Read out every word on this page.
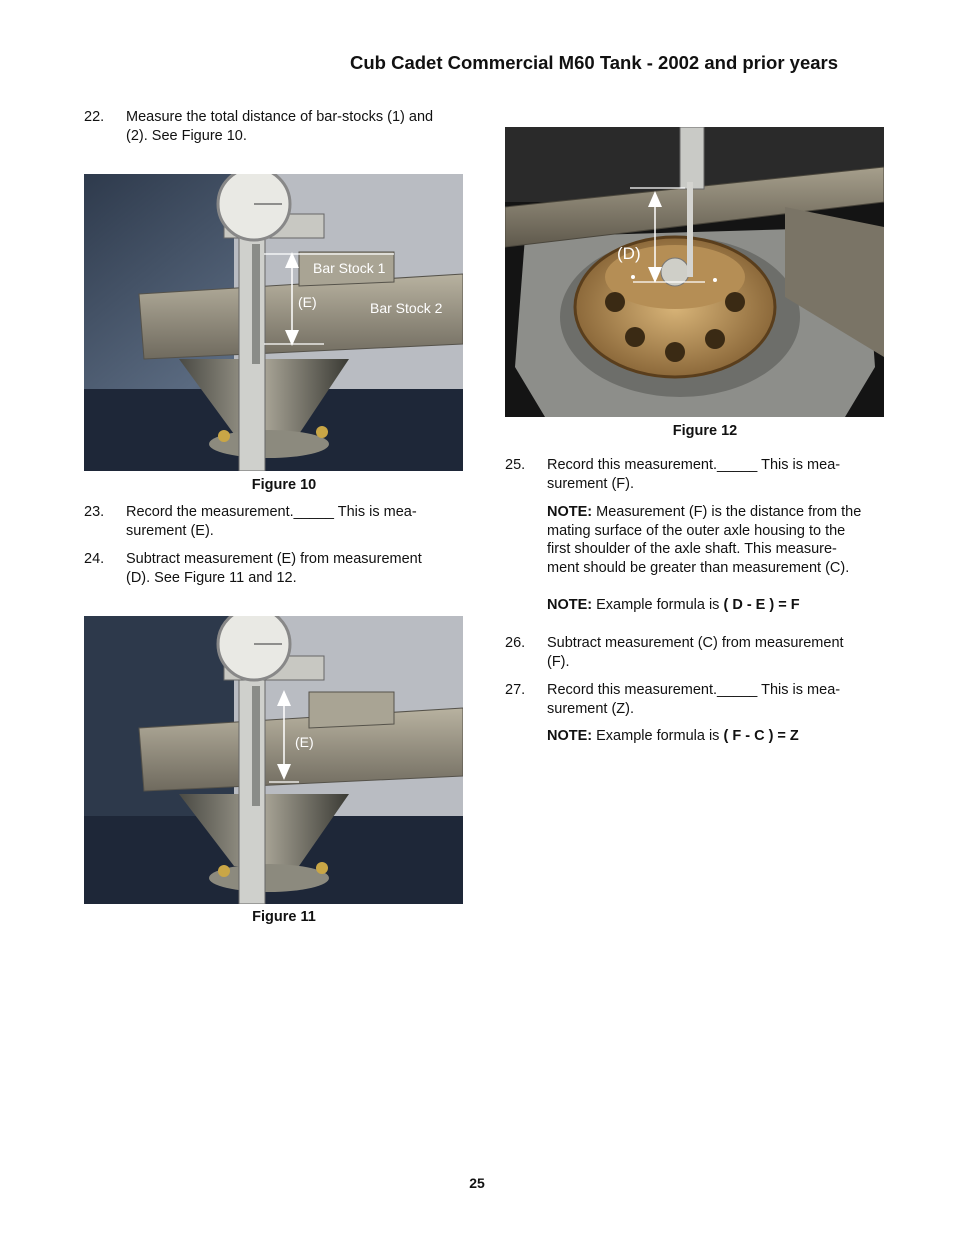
Cub Cadet Commercial M60 Tank - 2002 and prior years
22. Measure the total distance of bar-stocks (1) and
(2). See Figure 10.
Bar Stock 1
(E)	Bar Stock 2
Figure 10
23. Record the measurement._____ This is mea-
surement (E).
24. Subtract measurement (E) from measurement
(D). See Figure 11 and 12.
(E)
Figure 11
(D)
Figure 12
25. Record this measurement._____ This is mea-
surement (F).
NOTE: Measurement (F) is the distance from the
mating surface of the outer axle housing to the
first shoulder of the axle shaft. This measure-
ment should be greater than measurement (C).
NOTE: Example formula is ( D - E ) = F
26. Subtract measurement (C) from measurement
(F).
27. Record this measurement._____ This is mea-
surement (Z).
NOTE: Example formula is ( F - C ) = Z
25
